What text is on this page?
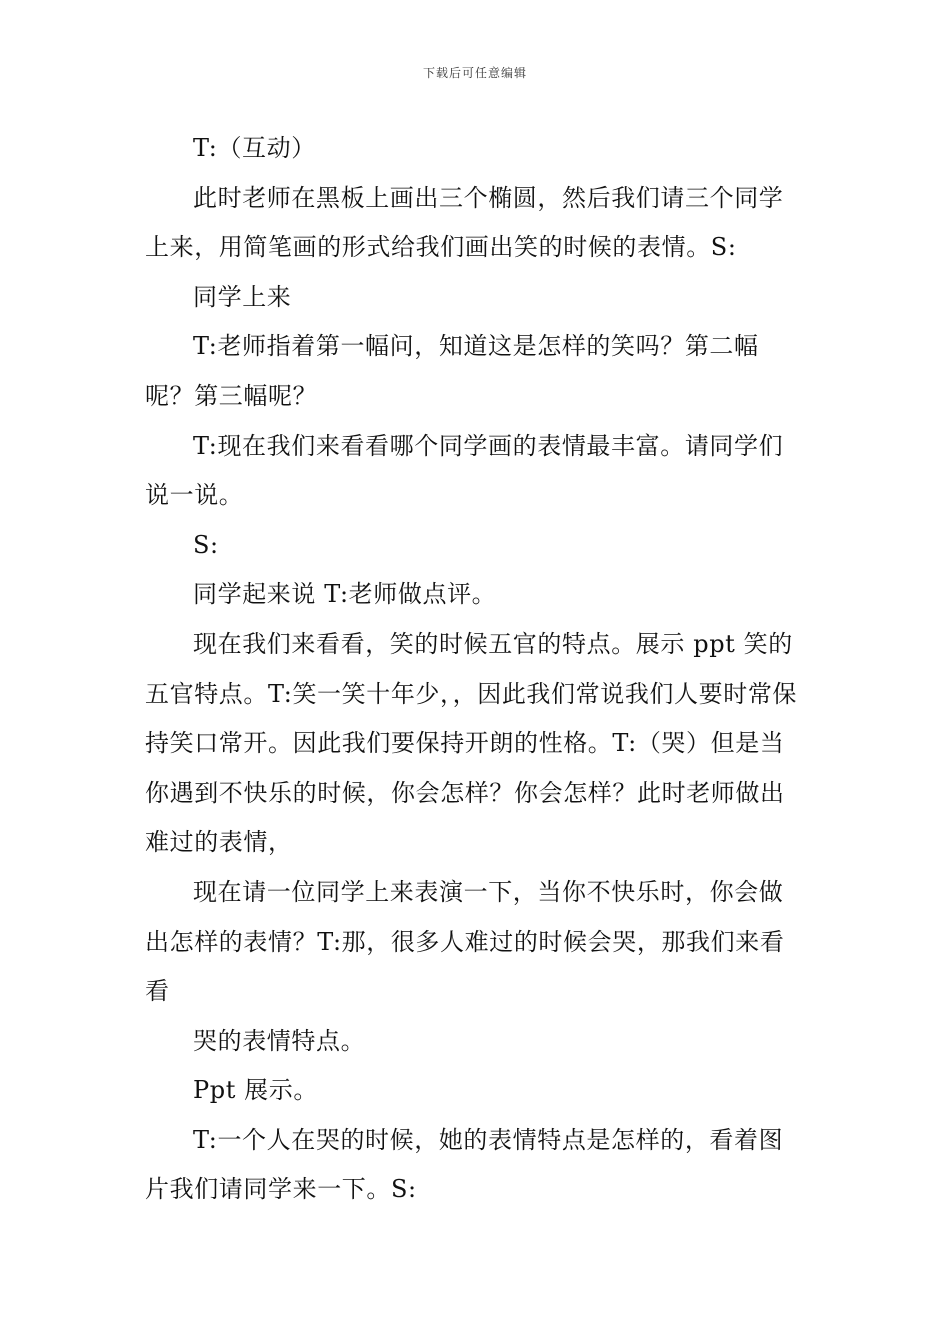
下载后可任意编辑

T:（互动）

此时老师在黑板上画出三个椭圆，然后我们请三个同学上来，用简笔画的形式给我们画出笑的时候的表情。S:

同学上来

T:老师指着第一幅问，知道这是怎样的笑吗？第二幅呢？第三幅呢？

T:现在我们来看看哪个同学画的表情最丰富。请同学们说一说。

S:

同学起来说 T:老师做点评。

现在我们来看看，笑的时候五官的特点。展示 ppt 笑的五官特点。T:笑一笑十年少，，因此我们常说我们人要时常保持笑口常开。因此我们要保持开朗的性格。T:（哭）但是当你遇到不快乐的时候，你会怎样？你会怎样？此时老师做出难过的表情，

现在请一位同学上来表演一下，当你不快乐时，你会做出怎样的表情？T:那，很多人难过的时候会哭，那我们来看看

哭的表情特点。

Ppt 展示。

T:一个人在哭的时候，她的表情特点是怎样的，看着图片我们请同学来一下。S:
